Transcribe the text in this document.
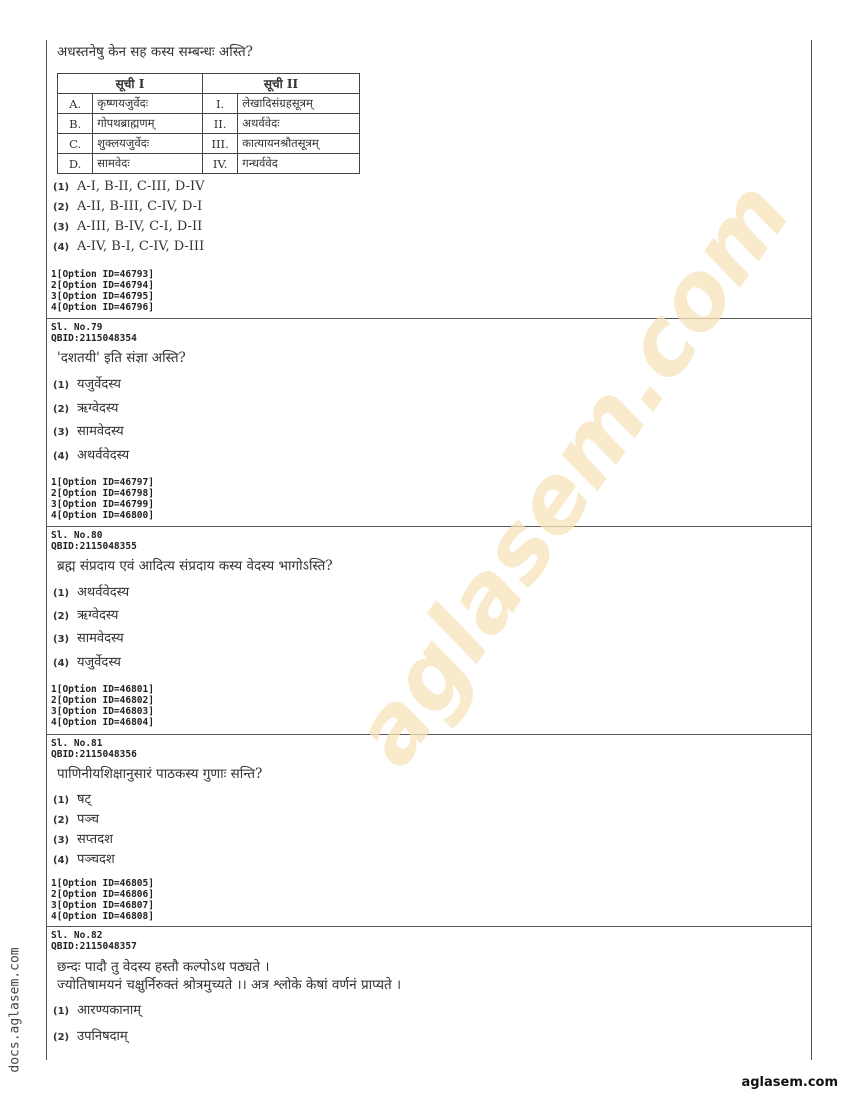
अधस्तनेषु केन सह कस्य सम्बन्धः अस्ति?
सूची I		सूची II	
A.	कृष्णयजुर्वेदः	I.	लेखादिसंग्रहसूत्रम्
B.	गोपथब्राह्मणम्	II.	अथर्ववेदः
C.	शुक्लयजुर्वेदः	III.	कात्यायनश्रौतसूत्रम्
D.	सामवेदः	IV.	गन्धर्ववेद
(1) A-I, B-II, C-III, D-IV
(2) A-II, B-III, C-IV, D-I
(3) A-III, B-IV, C-I, D-II
(4) A-IV, B-I, C-IV, D-III
1[Option ID=46793]
2[Option ID=46794]
3[Option ID=46795]
4[Option ID=46796]
Sl. No.79
QBID:2115048354
'दशतयी' इति संज्ञा अस्ति?
(1) यजुर्वेदस्य
(2) ऋग्वेदस्य
(3) सामवेदस्य
(4) अथर्ववेदस्य
1[Option ID=46797]
2[Option ID=46798]
3[Option ID=46799]
4[Option ID=46800]
Sl. No.80
QBID:2115048355
ब्रह्म संप्रदाय एवं आदित्य संप्रदाय कस्य वेदस्य भागोऽस्ति?
(1) अथर्ववेदस्य
(2) ऋग्वेदस्य
(3) सामवेदस्य
(4) यजुर्वेदस्य
1[Option ID=46801]
2[Option ID=46802]
3[Option ID=46803]
4[Option ID=46804]
Sl. No.81
QBID:2115048356
पाणिनीयशिक्षानुसारं पाठकस्य गुणाः सन्ति?
(1) षट्
(2) पञ्च
(3) सप्तदश
(4) पञ्चदश
1[Option ID=46805]
2[Option ID=46806]
3[Option ID=46807]
4[Option ID=46808]
Sl. No.82
QBID:2115048357
छन्दः पादौ तु वेदस्य हस्तौ कल्पोऽथ पठ्यते ।
ज्योतिषामयनं चक्षुर्निरुक्तं श्रोत्रमुच्यते ।। अत्र श्लोके केषां वर्णनं प्राप्यते ।
(1) आरण्यकानाम्
(2) उपनिषदाम्
aglasem.com
docs.aglasem.com
aglasem.com
